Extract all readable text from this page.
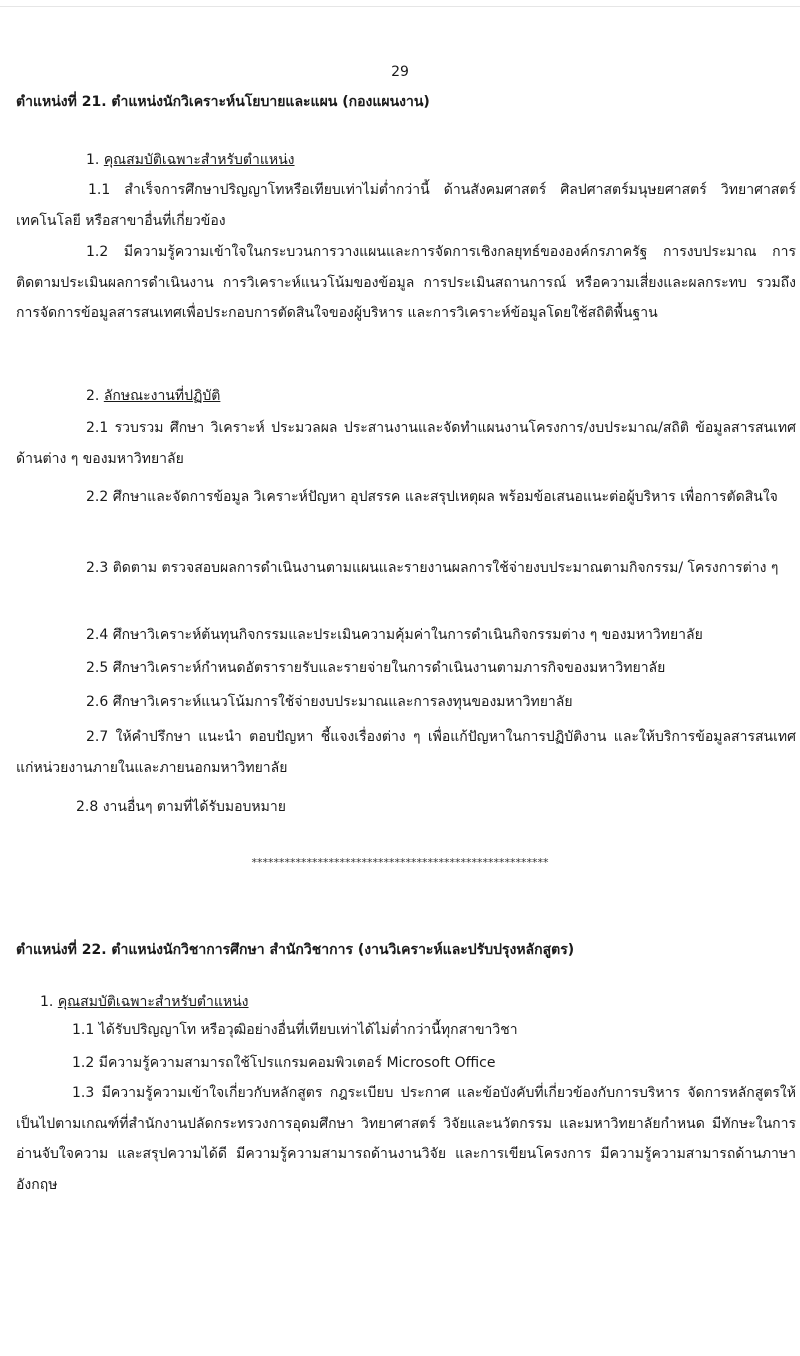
29
ตำแหน่งที่ 21. ตำแหน่งนักวิเคราะห์นโยบายและแผน (กองแผนงาน)
1. คุณสมบัติเฉพาะสำหรับตำแหน่ง
1.1 สำเร็จการศึกษาปริญญาโทหรือเทียบเท่าไม่ต่ำกว่านี้ ด้านสังคมศาสตร์ ศิลปศาสตร์มนุษยศาสตร์ วิทยาศาสตร์ เทคโนโลยี หรือสาขาอื่นที่เกี่ยวข้อง
1.2 มีความรู้ความเข้าใจในกระบวนการวางแผนและการจัดการเชิงกลยุทธ์ขององค์กรภาครัฐ การงบประมาณ การติดตามประเมินผลการดำเนินงาน การวิเคราะห์แนวโน้มของข้อมูล การประเมินสถานการณ์ หรือความเสี่ยงและผลกระทบ รวมถึงการจัดการข้อมูลสารสนเทศเพื่อประกอบการตัดสินใจของผู้บริหาร และการวิเคราะห์ข้อมูลโดยใช้สถิติพื้นฐาน
2. ลักษณะงานที่ปฏิบัติ
2.1 รวบรวม ศึกษา วิเคราะห์ ประมวลผล ประสานงานและจัดทำแผนงานโครงการ/งบประมาณ/สถิติ ข้อมูลสารสนเทศด้านต่าง ๆ ของมหาวิทยาลัย
2.2 ศึกษาและจัดการข้อมูล วิเคราะห์ปัญหา อุปสรรค และสรุปเหตุผล พร้อมข้อเสนอแนะต่อผู้บริหาร เพื่อการตัดสินใจ
2.3 ติดตาม ตรวจสอบผลการดำเนินงานตามแผนและรายงานผลการใช้จ่ายงบประมาณตามกิจกรรม/ โครงการต่าง ๆ
2.4 ศึกษาวิเคราะห์ต้นทุนกิจกรรมและประเมินความคุ้มค่าในการดำเนินกิจกรรมต่าง ๆ ของมหาวิทยาลัย
2.5 ศึกษาวิเคราะห์กำหนดอัตรารายรับและรายจ่ายในการดำเนินงานตามภารกิจของมหาวิทยาลัย
2.6 ศึกษาวิเคราะห์แนวโน้มการใช้จ่ายงบประมาณและการลงทุนของมหาวิทยาลัย
2.7 ให้คำปรึกษา แนะนำ ตอบปัญหา ชี้แจงเรื่องต่าง ๆ เพื่อแก้ปัญหาในการปฏิบัติงาน และให้บริการข้อมูลสารสนเทศ แก่หน่วยงานภายในและภายนอกมหาวิทยาลัย
2.8 งานอื่นๆ ตามที่ได้รับมอบหมาย
******************************************************
ตำแหน่งที่ 22. ตำแหน่งนักวิชาการศึกษา สำนักวิชาการ (งานวิเคราะห์และปรับปรุงหลักสูตร)
1. คุณสมบัติเฉพาะสำหรับตำแหน่ง
1.1 ได้รับปริญญาโท หรือวุฒิอย่างอื่นที่เทียบเท่าได้ไม่ต่ำกว่านี้ทุกสาขาวิชา
1.2 มีความรู้ความสามารถใช้โปรแกรมคอมพิวเตอร์ Microsoft Office
1.3 มีความรู้ความเข้าใจเกี่ยวกับหลักสูตร กฎระเบียบ ประกาศ และข้อบังคับที่เกี่ยวข้องกับการบริหาร จัดการหลักสูตรให้เป็นไปตามเกณฑ์ที่สำนักงานปลัดกระทรวงการอุดมศึกษา วิทยาศาสตร์ วิจัยและนวัตกรรม และมหาวิทยาลัยกำหนด มีทักษะในการอ่านจับใจความ และสรุปความได้ดี มีความรู้ความสามารถด้านงานวิจัย และการเขียนโครงการ มีความรู้ความสามารถด้านภาษาอังกฤษ
